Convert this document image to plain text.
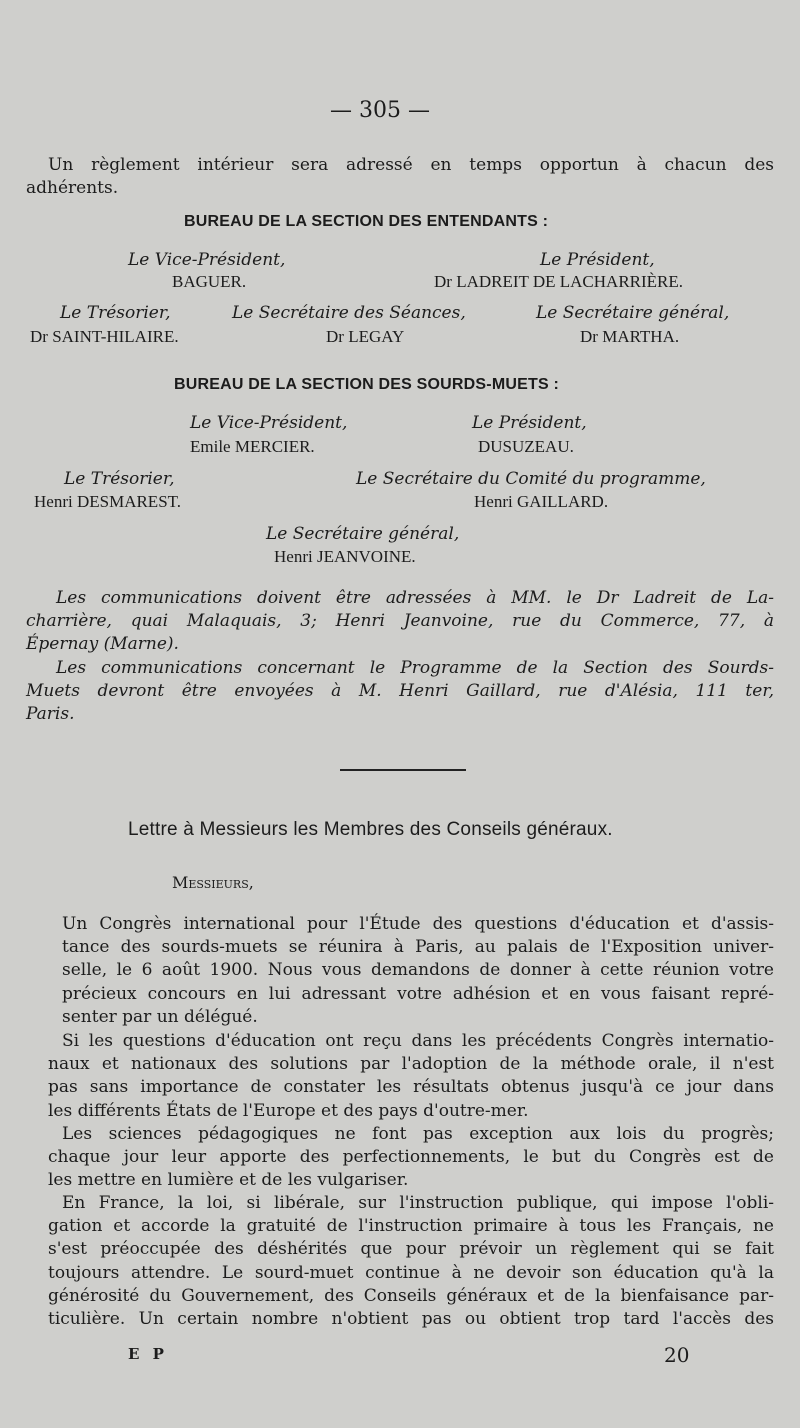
— 305 —
Un règlement intérieur sera adressé en temps opportun à chacun des
adhérents.
BUREAU DE LA SECTION DES ENTENDANTS :
Le Vice-Président,
BAGUER.
Le Président,
Dr LADREIT DE LACHARRIÈRE.
Le Trésorier,
Dr SAINT-HILAIRE.
Le Secrétaire des Séances,
Dr LEGAY
Le Secrétaire général,
Dr MARTHA.
BUREAU DE LA SECTION DES SOURDS-MUETS :
Le Vice-Président,
Emile MERCIER.
Le Président,
DUSUZEAU.
Le Trésorier,
Henri DESMAREST.
Le Secrétaire du Comité du programme,
Henri GAILLARD.
Le Secrétaire général,
Henri JEANVOINE.
Les communications doivent être adressées à MM. le Dr Ladreit de La-
charrière, quai Malaquais, 3; Henri Jeanvoine, rue du Commerce, 77, à
Épernay (Marne).
Les communications concernant le Programme de la Section des Sourds-
Muets devront être envoyées à M. Henri Gaillard, rue d'Alésia, 111 ter,
Paris.
Lettre à Messieurs les Membres des Conseils généraux.
Messieurs,
Un Congrès international pour l'Étude des questions d'éducation et d'assis-
tance des sourds-muets se réunira à Paris, au palais de l'Exposition univer-
selle, le 6 août 1900. Nous vous demandons de donner à cette réunion votre
précieux concours en lui adressant votre adhésion et en vous faisant repré-
senter par un délégué.
Si les questions d'éducation ont reçu dans les précédents Congrès internatio-
naux et nationaux des solutions par l'adoption de la méthode orale, il n'est
pas sans importance de constater les résultats obtenus jusqu'à ce jour dans
les différents États de l'Europe et des pays d'outre-mer.
Les sciences pédagogiques ne font pas exception aux lois du progrès;
chaque jour leur apporte des perfectionnements, le but du Congrès est de
les mettre en lumière et de les vulgariser.
En France, la loi, si libérale, sur l'instruction publique, qui impose l'obli-
gation et accorde la gratuité de l'instruction primaire à tous les Français, ne
s'est préoccupée des déshérités que pour prévoir un règlement qui se fait
toujours attendre. Le sourd-muet continue à ne devoir son éducation qu'à la
générosité du Gouvernement, des Conseils généraux et de la bienfaisance par-
ticulière. Un certain nombre n'obtient pas ou obtient trop tard l'accès des
E P	20
